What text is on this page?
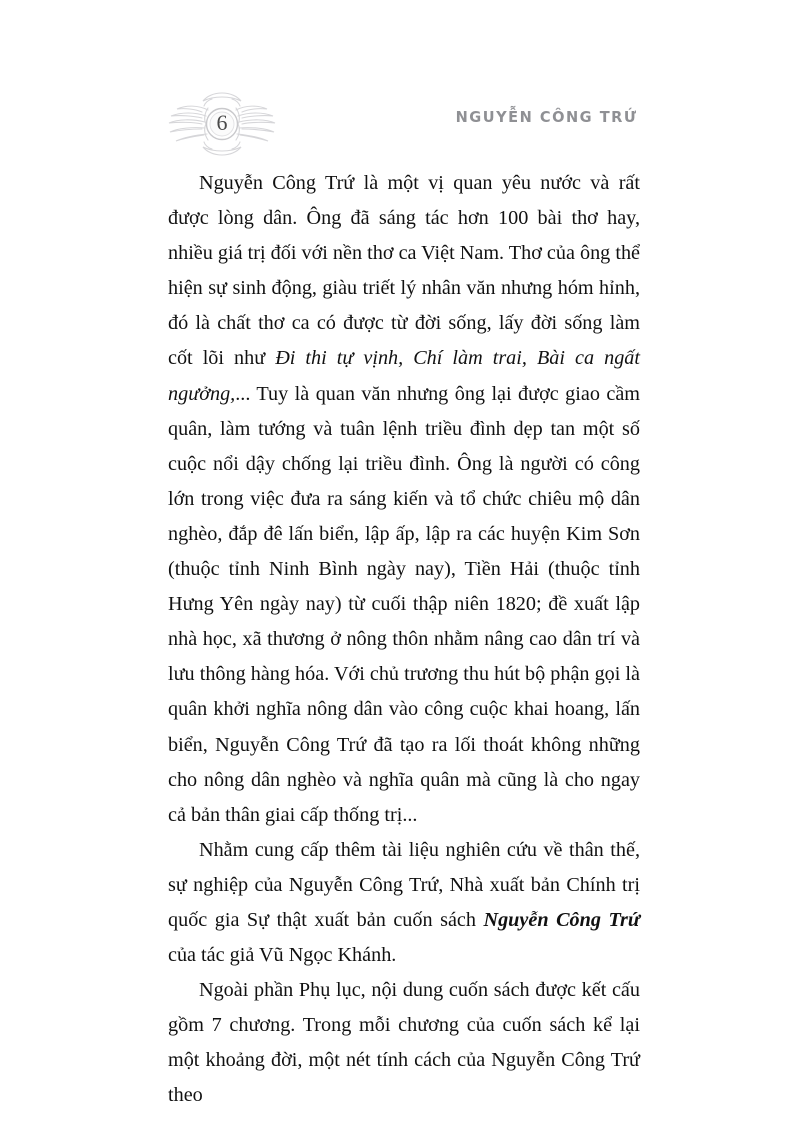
6	NGUYỄN CÔNG TRỨ

Nguyễn Công Trứ là một vị quan yêu nước và rất được lòng dân. Ông đã sáng tác hơn 100 bài thơ hay, nhiều giá trị đối với nền thơ ca Việt Nam. Thơ của ông thể hiện sự sinh động, giàu triết lý nhân văn nhưng hóm hỉnh, đó là chất thơ ca có được từ đời sống, lấy đời sống làm cốt lõi như Đi thi tự vịnh, Chí làm trai, Bài ca ngất ngưởng,... Tuy là quan văn nhưng ông lại được giao cầm quân, làm tướng và tuân lệnh triều đình dẹp tan một số cuộc nổi dậy chống lại triều đình. Ông là người có công lớn trong việc đưa ra sáng kiến và tổ chức chiêu mộ dân nghèo, đắp đê lấn biển, lập ấp, lập ra các huyện Kim Sơn (thuộc tỉnh Ninh Bình ngày nay), Tiền Hải (thuộc tỉnh Hưng Yên ngày nay) từ cuối thập niên 1820; đề xuất lập nhà học, xã thương ở nông thôn nhằm nâng cao dân trí và lưu thông hàng hóa. Với chủ trương thu hút bộ phận gọi là quân khởi nghĩa nông dân vào công cuộc khai hoang, lấn biển, Nguyễn Công Trứ đã tạo ra lối thoát không những cho nông dân nghèo và nghĩa quân mà cũng là cho ngay cả bản thân giai cấp thống trị...

Nhằm cung cấp thêm tài liệu nghiên cứu về thân thế, sự nghiệp của Nguyễn Công Trứ, Nhà xuất bản Chính trị quốc gia Sự thật xuất bản cuốn sách Nguyễn Công Trứ của tác giả Vũ Ngọc Khánh.

Ngoài phần Phụ lục, nội dung cuốn sách được kết cấu gồm 7 chương. Trong mỗi chương của cuốn sách kể lại một khoảng đời, một nét tính cách của Nguyễn Công Trứ theo
